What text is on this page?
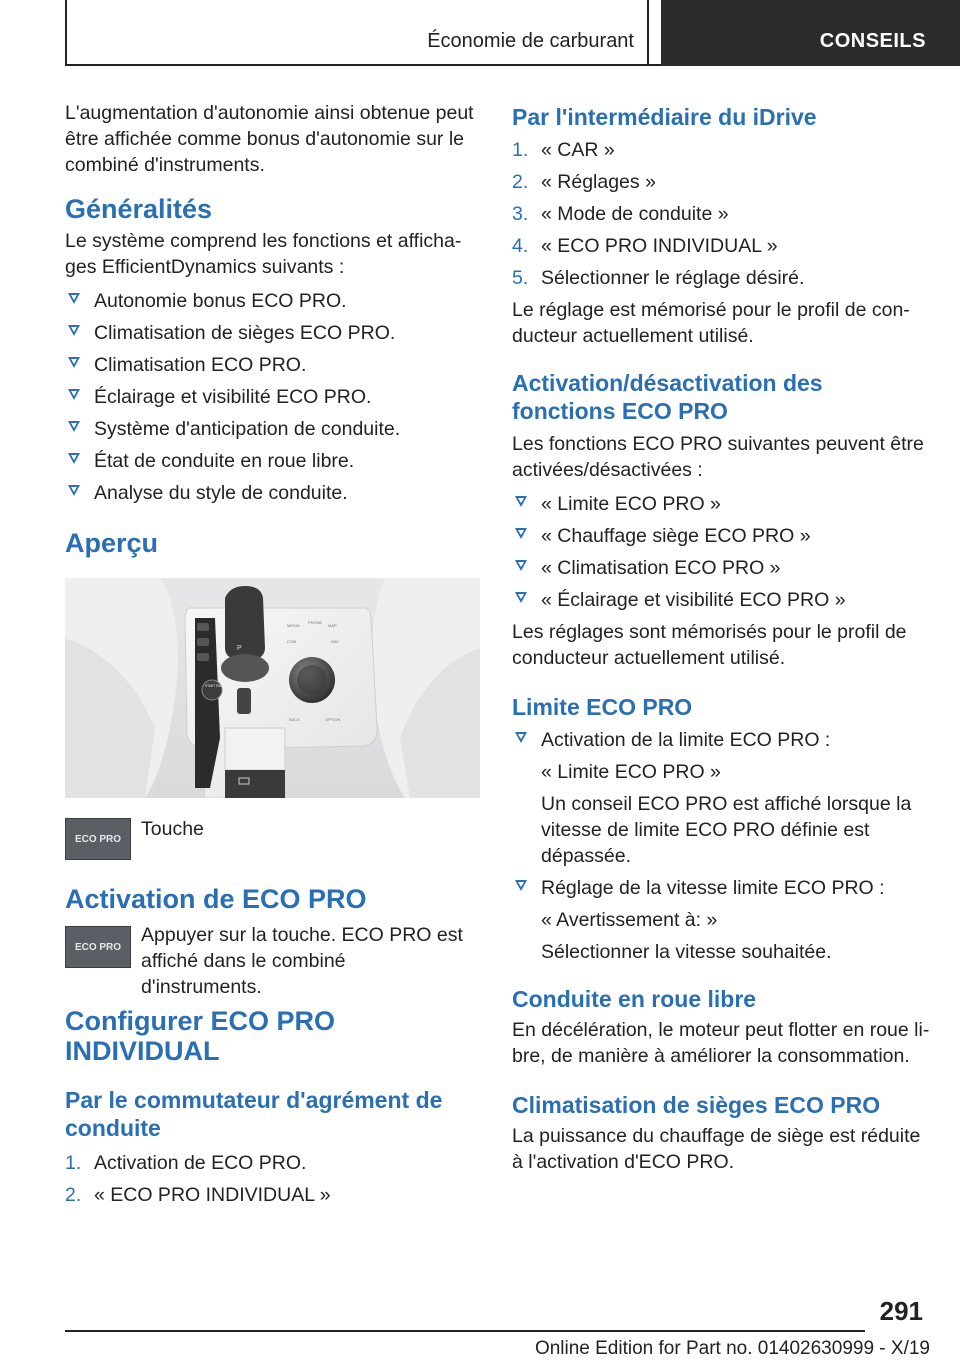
Économie de carburant	CONSEILS

L'augmentation d'autonomie ainsi obtenue peut être affichée comme bonus d'autonomie sur le combiné d'instruments.

Généralités

Le système comprend les fonctions et affichages EfficientDynamics suivants :

Autonomie bonus ECO PRO.
Climatisation de sièges ECO PRO.
Climatisation ECO PRO.
Éclairage et visibilité ECO PRO.
Système d'anticipation de conduite.
État de conduite en roue libre.
Analyse du style de conduite.
Aperçu
P
START ENGINE STOP
MEDIA
PHONE
MAP
COM	NAV
BACK	OPTION
ECO PRO Touche
Activation de ECO PRO
ECO PRO
Appuyer sur la touche. ECO PRO est affiché dans le combiné d'instruments.
Configurer ECO PRO INDIVIDUAL
Par le commutateur d'agrément de conduite
1. Activation de ECO PRO.
2. « ECO PRO INDIVIDUAL »
Par l'intermédiaire du iDrive
1. « CAR »
2. « Réglages »
3. « Mode de conduite »
4. « ECO PRO INDIVIDUAL »
5. Sélectionner le réglage désiré.

Le réglage est mémorisé pour le profil de conducteur actuellement utilisé.

Activation/désactivation des fonctions ECO PRO

Les fonctions ECO PRO suivantes peuvent être activées/désactivées :

« Limite ECO PRO »
« Chauffage siège ECO PRO »
« Climatisation ECO PRO »
« Éclairage et visibilité ECO PRO »

Les réglages sont mémorisés pour le profil de conducteur actuellement utilisé.

Limite ECO PRO
Activation de la limite ECO PRO :

« Limite ECO PRO »

Un conseil ECO PRO est affiché lorsque la vitesse de limite ECO PRO définie est dépassée.

Réglage de la vitesse limite ECO PRO :

« Avertissement à: »

Sélectionner la vitesse souhaitée.

Conduite en roue libre

En décélération, le moteur peut flotter en roue libre, de manière à améliorer la consommation.

Climatisation de sièges ECO PRO

La puissance du chauffage de siège est réduite à l'activation d'ECO PRO.

291
Online Edition for Part no. 01402630999 - X/19
